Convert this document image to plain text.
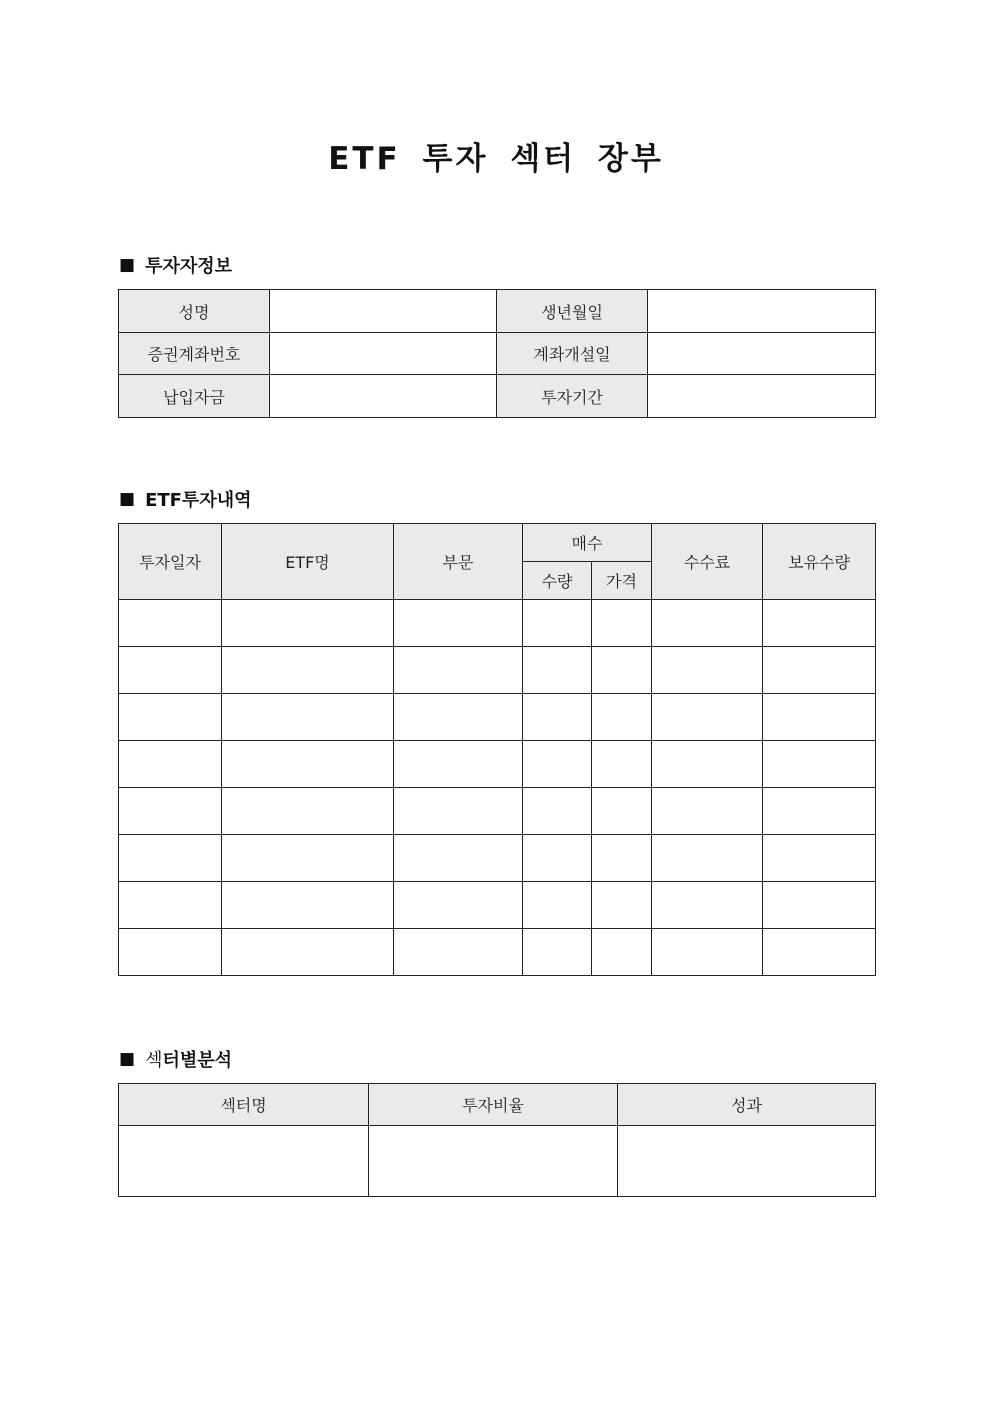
ETF 투자 섹터 장부
■ 투자자정보
성명		생년월일	
증권계좌번호		계좌개설일	
납입자금		투자기간	
■ ETF투자내역
투자일자	ETF명	부문	매수		수수료	보유수량
			수량	가격		

■ 섹터별분석
섹터명	투자비율	성과
